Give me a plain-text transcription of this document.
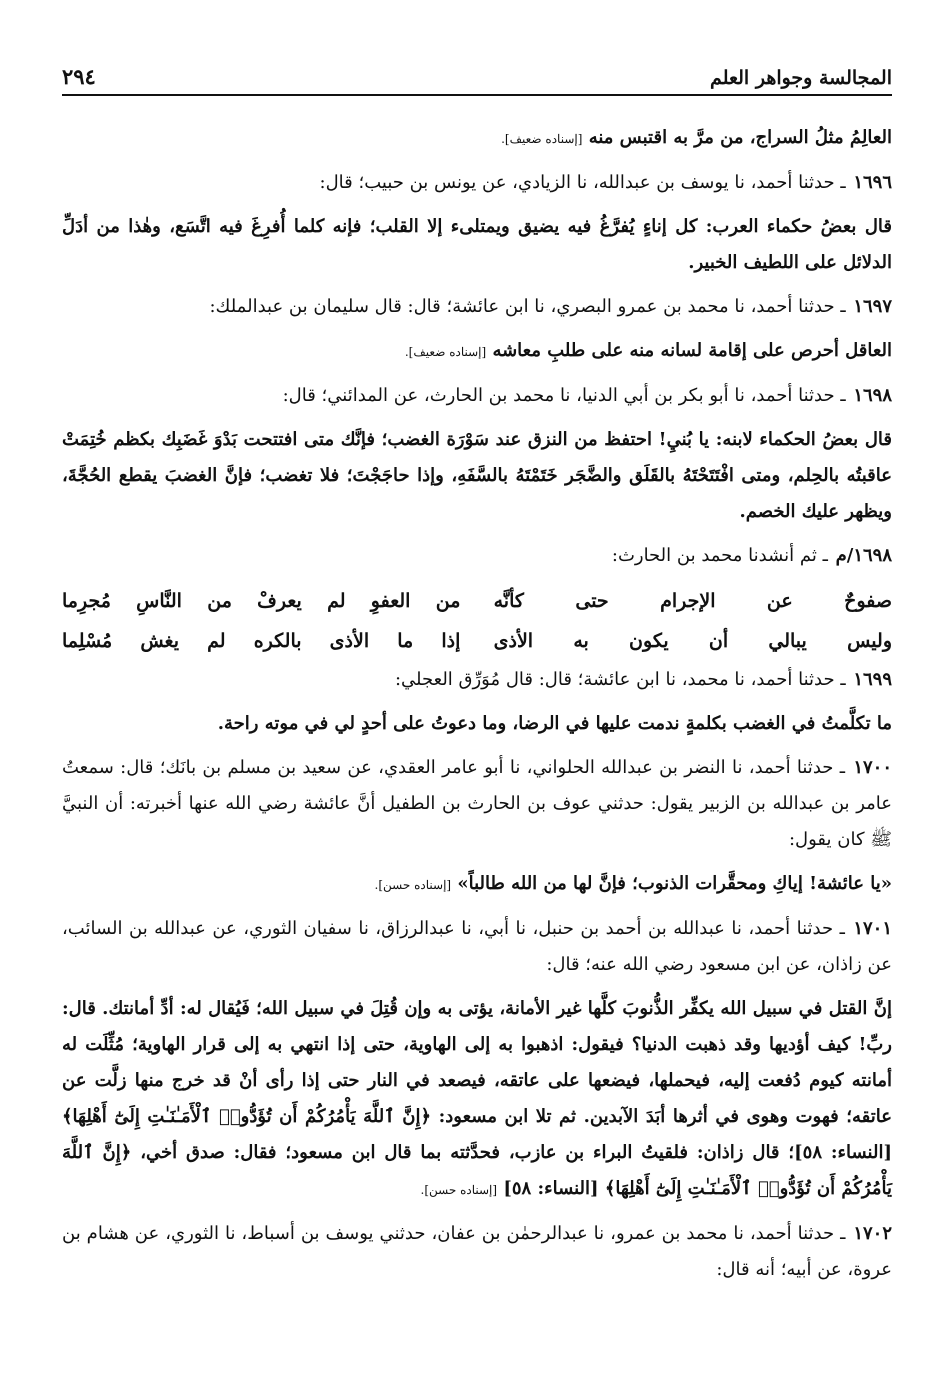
المجالسة وجواهر العلم
٢٩٤

العالِمُ مثلُ السراج، من مرَّ به اقتبس منه [إسناده ضعيف].

١٦٩٦ ـ حدثنا أحمد، نا يوسف بن عبدالله، نا الزيادي، عن يونس بن حبيب؛ قال:

قال بعضُ حكماء العرب: كل إناءٍ يُفرَّغُ فيه يضيق ويمتلىء إلا القلب؛ فإنه كلما أُفرِغَ فيه اتَّسَع، وهٰذا من أدَلِّ الدلائل على اللطيف الخبير.

١٦٩٧ ـ حدثنا أحمد، نا محمد بن عمرو البصري، نا ابن عائشة؛ قال: قال سليمان بن عبدالملك:

العاقل أحرص على إقامة لسانه منه على طلبِ معاشه [إسناده ضعيف].

١٦٩٨ ـ حدثنا أحمد، نا أبو بكر بن أبي الدنيا، نا محمد بن الحارث، عن المدائني؛ قال:

قال بعضُ الحكماء لابنه: يا بُنيِ! احتفظ من النزق عند سَوْرَة الغضب؛ فإنَّك متى افتتحت بَدْوَ غَضَبِك بكظم خُتِمَتْ عاقبتُه بالحِلم، ومتى افْتَتَحْتَهُ بالقَلَق والضَّجَر خَتَمْتَهُ بالسَّفَهِ، وإذا حاجَجْتَ؛ فلا تغضب؛ فإنَّ الغضبَ يقطع الحُجَّةَ، ويظهر عليك الخصم.

١٦٩٨/م ـ ثم أنشدنا محمد بن الحارث:

صفوحٌ عن الإجرام حتى كأنَّه
من العفوِ لم يعرفْ من النَّاسِ مُجرِما
وليس يبالي أن يكون به الأذى
إذا ما الأذى بالكره لم يغش مُسْلِما

١٦٩٩ ـ حدثنا أحمد، نا محمد، نا ابن عائشة؛ قال: قال مُوَرِّق العجلي:

ما تكلَّمتُ في الغضب بكلمةٍ ندمت عليها في الرضا، وما دعوتُ على أحدٍ لي في موته راحة.

١٧٠٠ ـ حدثنا أحمد، نا النضر بن عبدالله الحلواني، نا أبو عامر العقدي، عن سعيد بن مسلم بن بانَك؛ قال: سمعتُ عامر بن عبدالله بن الزبير يقول: حدثني عوف بن الحارث بن الطفيل أنَّ عائشة رضي الله عنها أخبرته: أن النبيَّ ﷺ كان يقول:

«يا عائشة! إياكِ ومحقَّرات الذنوب؛ فإنَّ لها من الله طالباً» [إسناده حسن].

١٧٠١ ـ حدثنا أحمد، نا عبدالله بن أحمد بن حنبل، نا أبي، نا عبدالرزاق، نا سفيان الثوري، عن عبدالله بن السائب، عن زاذان، عن ابن مسعود رضي الله عنه؛ قال:

إنَّ القتل في سبيل الله يكفِّر الذُّنوبَ كلَّها غير الأمانة، يؤتى به وإن قُتِلَ في سبيل الله؛ فَيُقال له: أدِّ أمانتك. قال: ربِّ! كيف أؤديها وقد ذهبت الدنيا؟ فيقول: اذهبوا به إلى الهاوية، حتى إذا انتهي به إلى قرار الهاوية؛ مُثِّلَت له أمانته كيوم دُفعت إليه، فيحملها، فيضعها على عاتقه، فيصعد في النار حتى إذا رأى أنْ قد خرج منها زلَّت عن عاتقه؛ فهوت وهوى في أثرها أبَدَ الآبدين. ثم تلا ابن مسعود: ﴿إِنَّ ٱللَّهَ يَأْمُرُكُمْ أَن تُؤَدُّوا۟ ٱلْأَمَـٰنَـٰتِ إِلَىٰٓ أَهْلِهَا﴾ [النساء: ٥٨]؛ قال زاذان: فلقيتُ البراء بن عازب، فحدَّثته بما قال ابن مسعود؛ فقال: صدق أخي، ﴿إِنَّ ٱللَّهَ يَأْمُرُكُمْ أَن تُؤَدُّوا۟ ٱلْأَمَـٰنَـٰتِ إِلَىٰٓ أَهْلِهَا﴾ [النساء: ٥٨] [إسناده حسن].

١٧٠٢ ـ حدثنا أحمد، نا محمد بن عمرو، نا عبدالرحمٰن بن عفان، حدثني يوسف بن أسباط، نا الثوري، عن هشام بن عروة، عن أبيه؛ أنه قال:
